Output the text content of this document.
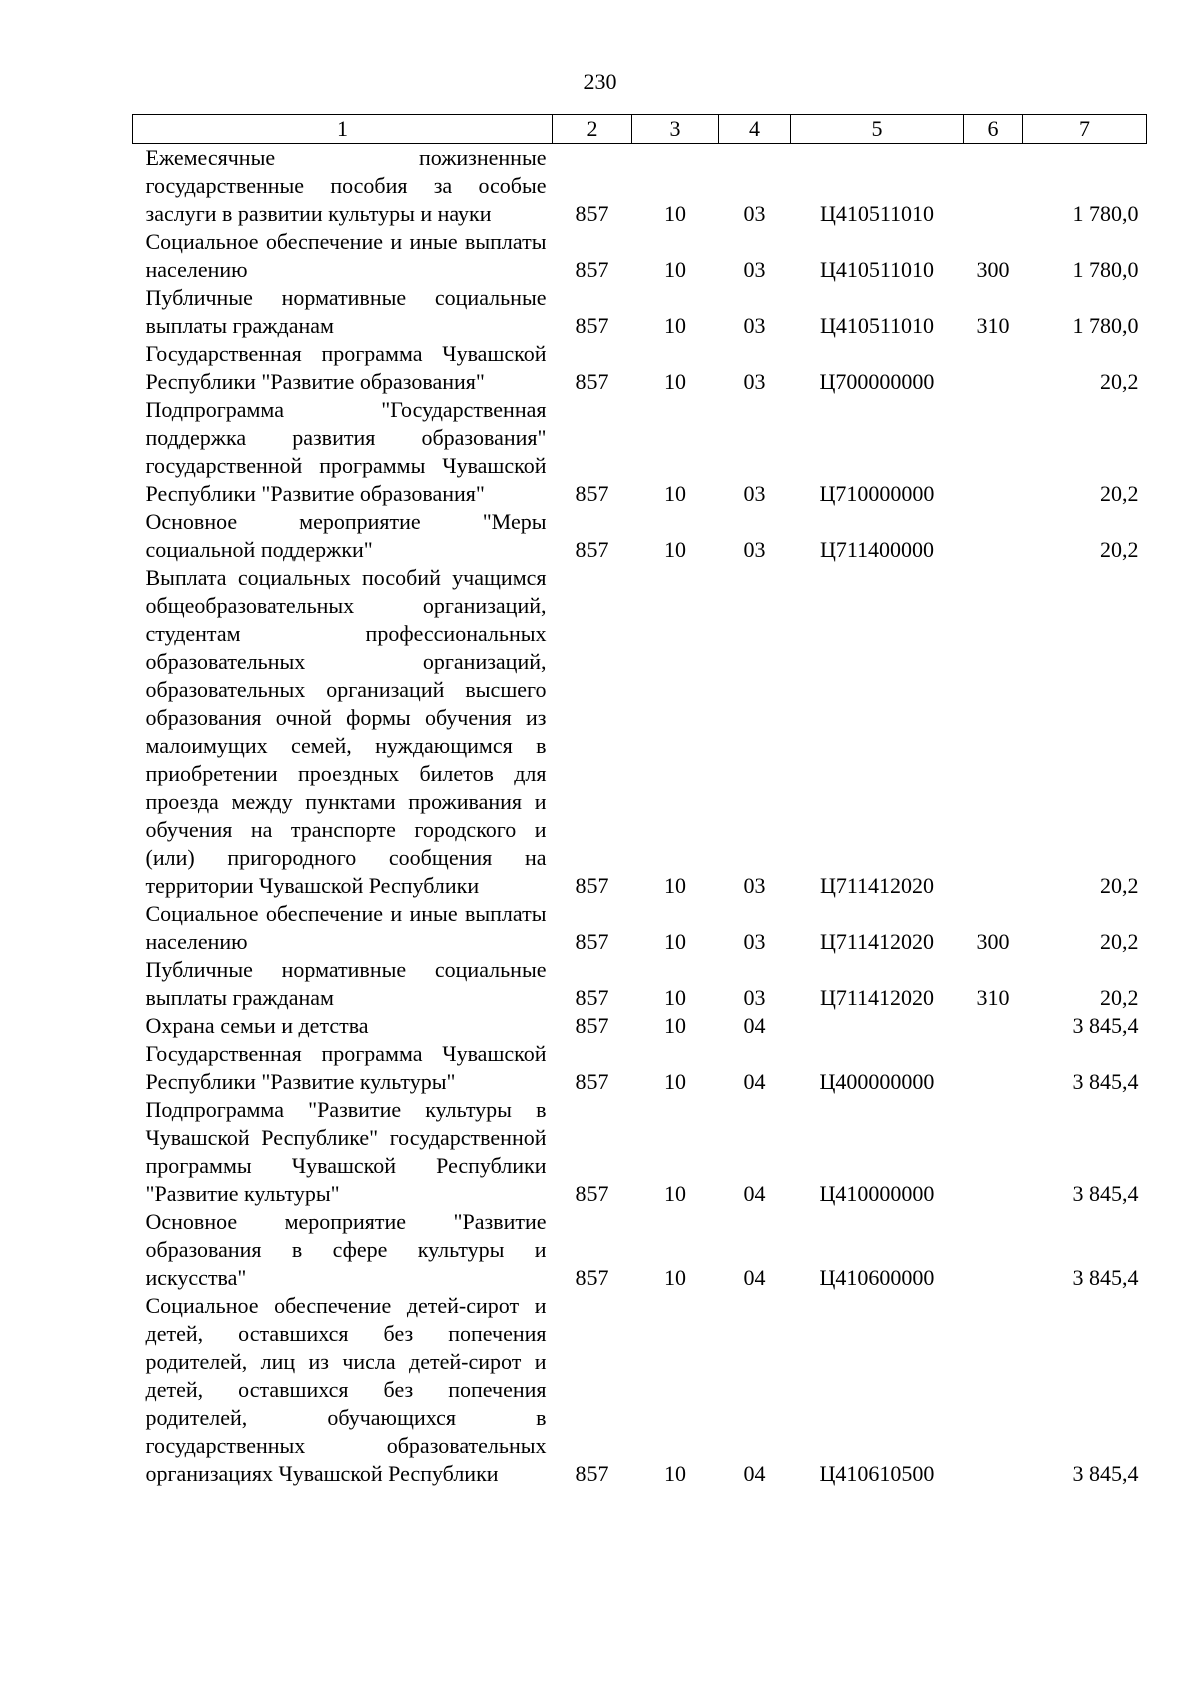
230
1	2	3	4	5	6	7
Ежемесячные пожизненные государственные пособия за особые заслуги в развитии культуры и науки	857	10	03	Ц410511010		1 780,0
Социальное обеспечение и иные выплаты населению	857	10	03	Ц410511010	300	1 780,0
Публичные нормативные социальные выплаты гражданам	857	10	03	Ц410511010	310	1 780,0
Государственная программа Чувашской Республики "Развитие образования"	857	10	03	Ц700000000		20,2
Подпрограмма "Государственная поддержка развития образования" государственной программы Чувашской Республики "Развитие образования"	857	10	03	Ц710000000		20,2
Основное мероприятие "Меры социальной поддержки"	857	10	03	Ц711400000		20,2
Выплата социальных пособий учащимся общеобразовательных организаций, студентам профессиональных образовательных организаций, образовательных организаций высшего образования очной формы обучения из малоимущих семей, нуждающимся в приобретении проездных билетов для проезда между пунктами проживания и обучения на транспорте городского и (или) пригородного сообщения на территории Чувашской Республики	857	10	03	Ц711412020		20,2
Социальное обеспечение и иные выплаты населению	857	10	03	Ц711412020	300	20,2
Публичные нормативные социальные выплаты гражданам	857	10	03	Ц711412020	310	20,2
Охрана семьи и детства	857	10	04			3 845,4
Государственная программа Чувашской Республики "Развитие культуры"	857	10	04	Ц400000000		3 845,4
Подпрограмма "Развитие культуры в Чувашской Республике" государственной программы Чувашской Республики "Развитие культуры"	857	10	04	Ц410000000		3 845,4
Основное мероприятие "Развитие образования в сфере культуры и искусства"	857	10	04	Ц410600000		3 845,4
Социальное обеспечение детей-сирот и детей, оставшихся без попечения родителей, лиц из числа детей-сирот и детей, оставшихся без попечения родителей, обучающихся в государственных образовательных организациях Чувашской Республики	857	10	04	Ц410610500		3 845,4
